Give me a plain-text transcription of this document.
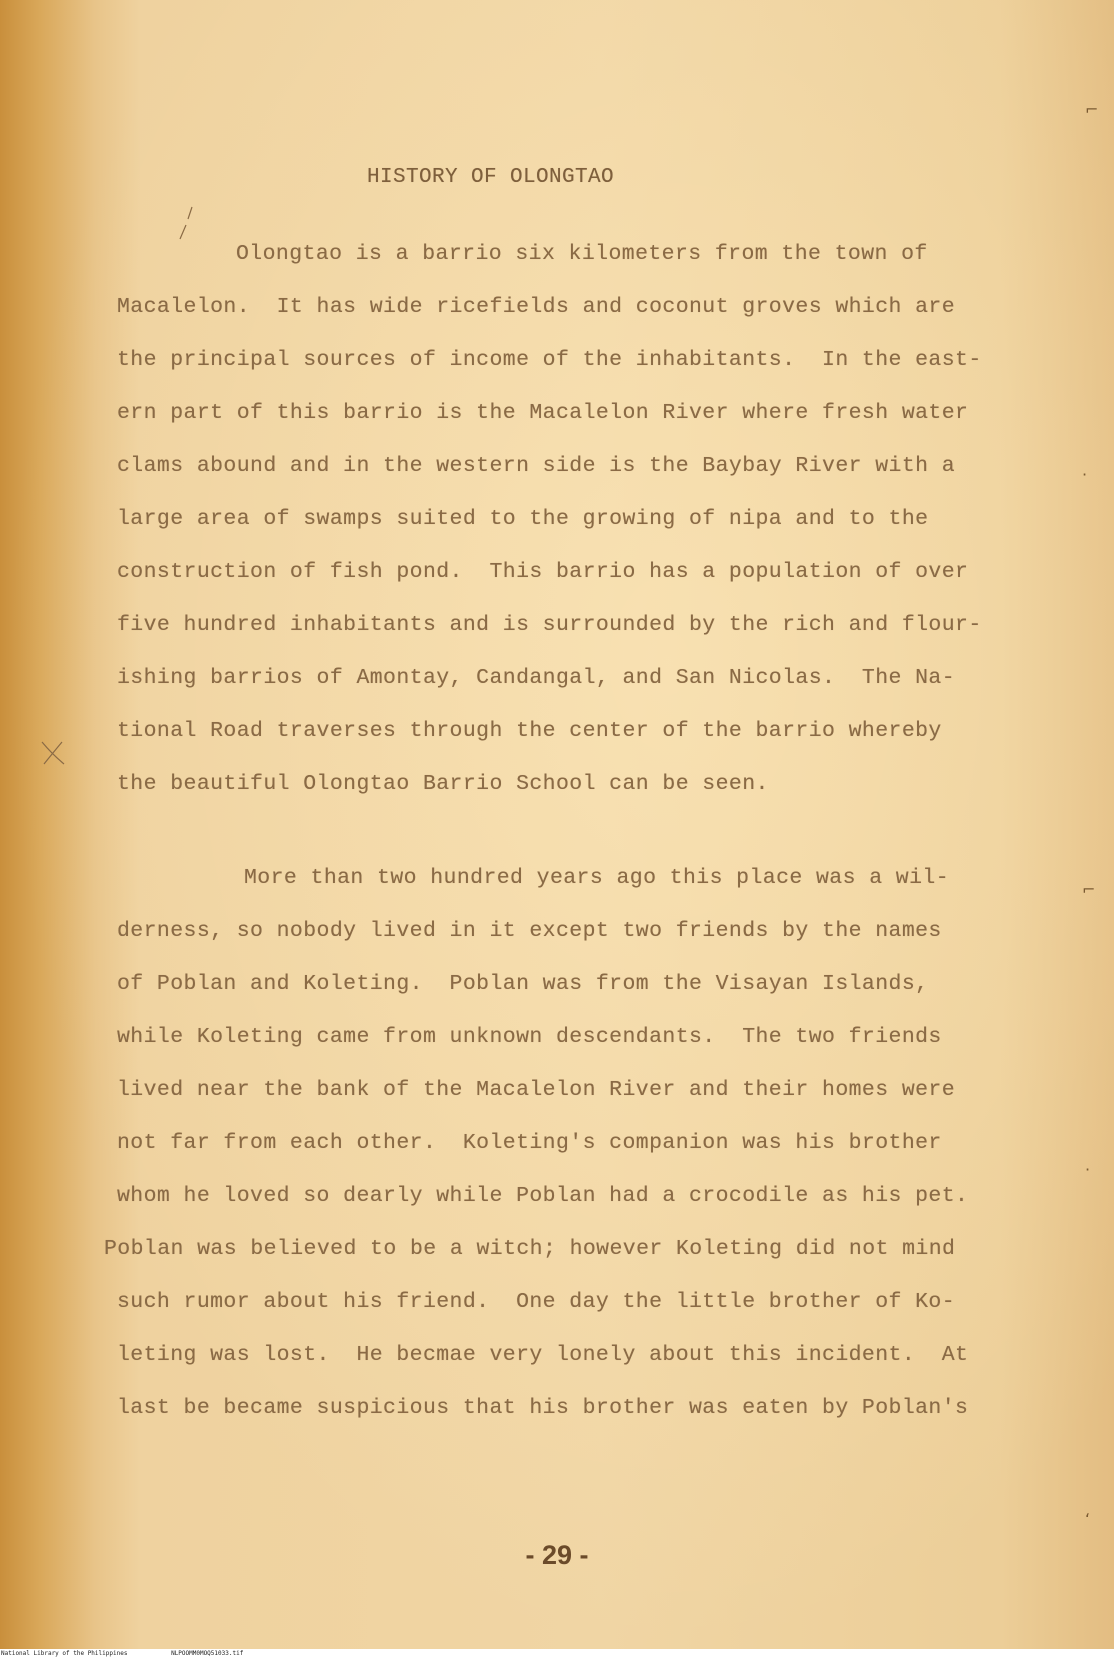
HISTORY OF OLONGTAO
Olongtao is a barrio six kilometers from the town of
Macalelon.  It has wide ricefields and coconut groves which are
the principal sources of income of the inhabitants.  In the east-
ern part of this barrio is the Macalelon River where fresh water
clams abound and in the western side is the Baybay River with a
large area of swamps suited to the growing of nipa and to the
construction of fish pond.  This barrio has a population of over
five hundred inhabitants and is surrounded by the rich and flour-
ishing barrios of Amontay, Candangal, and San Nicolas.  The Na-
tional Road traverses through the center of the barrio whereby
the beautiful Olongtao Barrio School can be seen.
More than two hundred years ago this place was a wil-
derness, so nobody lived in it except two friends by the names
of Poblan and Koleting.  Poblan was from the Visayan Islands,
while Koleting came from unknown descendants.  The two friends
lived near the bank of the Macalelon River and their homes were
not far from each other.  Koleting's companion was his brother
whom he loved so dearly while Poblan had a crocodile as his pet.
Poblan was believed to be a witch; however Koleting did not mind
such rumor about his friend.  One day the little brother of Ko-
leting was lost.  He becmae very lonely about this incident.  At
last be became suspicious that his brother was eaten by Poblan's
⌐
·
⌐
·
ʻ
- 29 -
National Library of the Philippines	NLPOOMM0MOQ51033.tif
